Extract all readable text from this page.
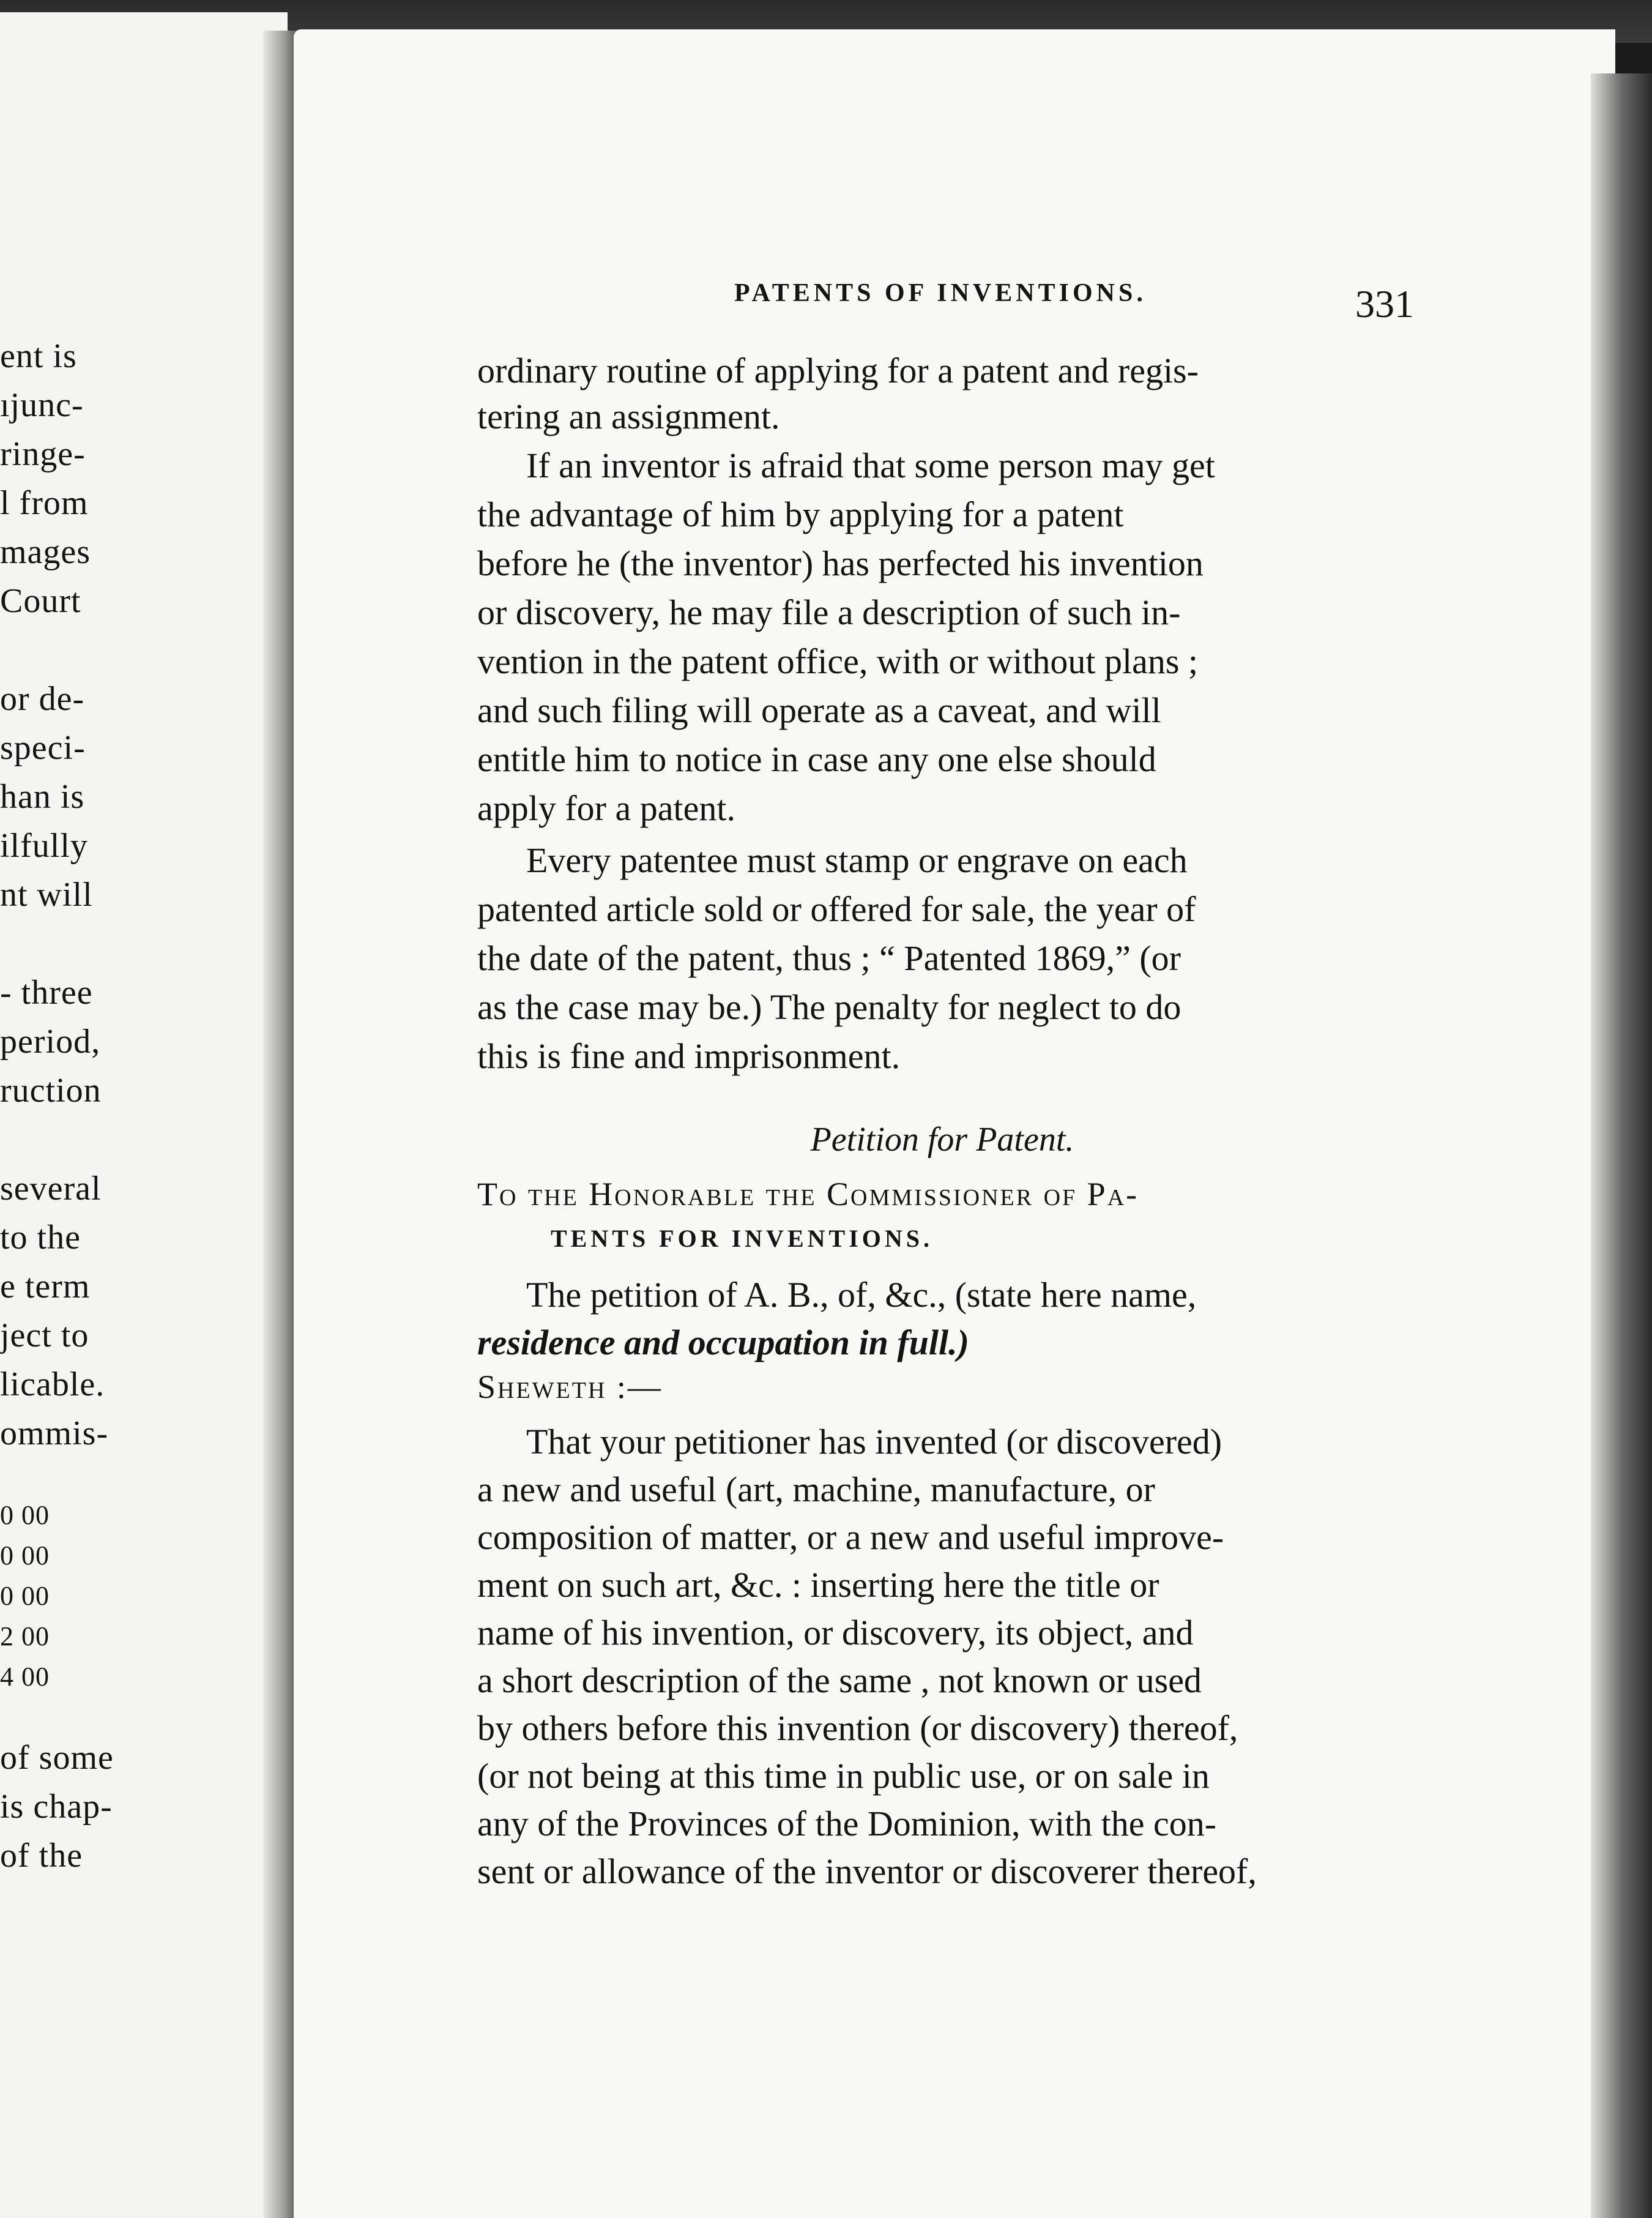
ent is
ıjunc-
ringe-
l from
mages
Court
or de-
speci-
han is
ilfully
nt will
- three
period,
ruction
several
to the
e term
ject to
licable.
ommis-
0 00
0 00
0 00
2 00
4 00
of some
is chap-
of the
PATENTS OF INVENTIONS.	331
ordinary routine of applying for a patent and regis-
tering an assignment.
If an inventor is afraid that some person may get
the advantage of him by applying for a patent
before he (the inventor) has perfected his invention
or discovery, he may file a description of such in-
vention in the patent office, with or without plans ;
and such filing will operate as a caveat, and will
entitle him to notice in case any one else should
apply for a patent.
Every patentee must stamp or engrave on each
patented article sold or offered for sale, the year of
the date of the patent, thus ; “ Patented 1869,” (or
as the case may be.) The penalty for neglect to do
this is fine and imprisonment.
Petition for Patent.
To the Honorable the Commissioner of Pa-
TENTS FOR INVENTIONS.
The petition of A. B., of, &c., (state here name,
residence and occupation in full.)
Sheweth :—
That your petitioner has invented (or discovered)
a new and useful (art, machine, manufacture, or
composition of matter, or a new and useful improve-
ment on such art, &c. : inserting here the title or
name of his invention, or discovery, its object, and
a short description of the same , not known or used
by others before this invention (or discovery) thereof,
(or not being at this time in public use, or on sale in
any of the Provinces of the Dominion, with the con-
sent or allowance of the inventor or discoverer thereof,
